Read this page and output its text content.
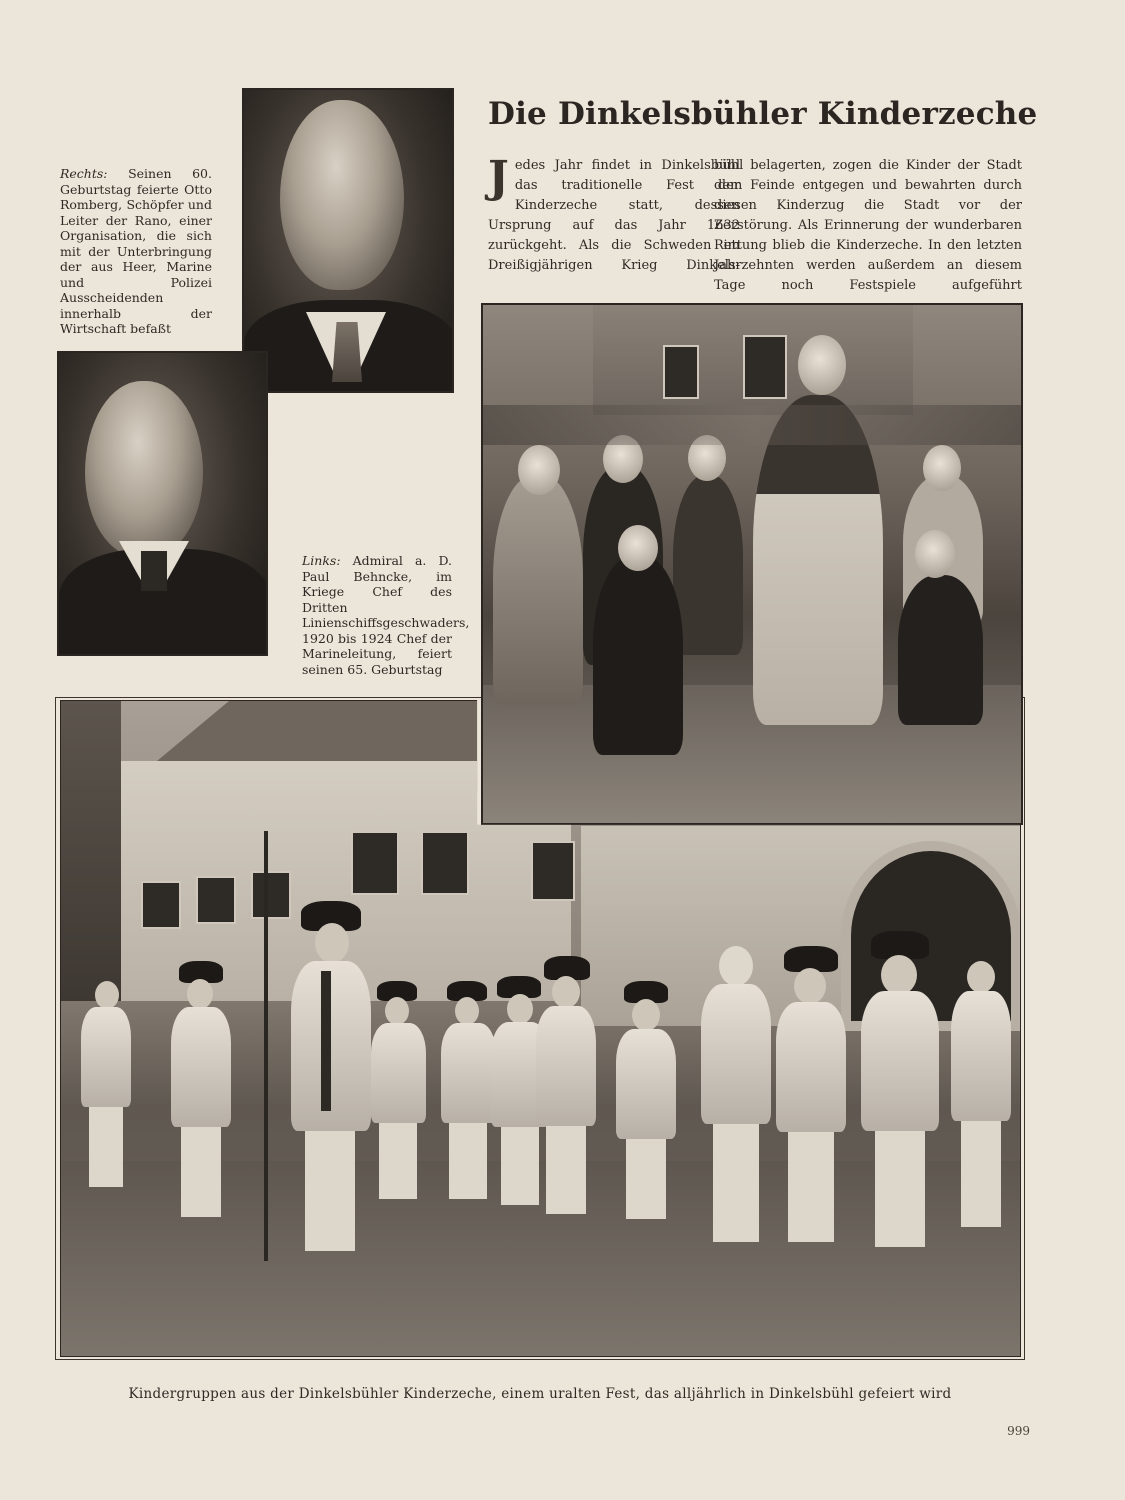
Rechts: Seinen 60. Geburtstag feierte Otto Romberg, Schöpfer und Leiter der Rano, einer Organisation, die sich mit der Unterbringung der aus Heer, Marine und Polizei Ausscheidenden innerhalb der Wirtschaft befaßt

Links: Admiral a. D. Paul Behncke, im Kriege Chef des Dritten Linienschiffsgeschwaders, 1920 bis 1924 Chef der Marineleitung, feiert seinen 65. Geburtstag

Die Dinkelsbühler Kinderzeche

Jedes Jahr findet in Dinkelsbühl das traditionelle Fest der Kinderzeche statt, dessen Ursprung auf das Jahr 1632 zurückgeht. Als die Schweden im Dreißigjährigen Krieg Dinkels-

bühl belagerten, zogen die Kinder der Stadt dem Feinde entgegen und bewahrten durch diesen Kinderzug die Stadt vor der Zerstörung. Als Erinnerung der wunderbaren Rettung blieb die Kinderzeche. In den letzten Jahrzehnten werden außerdem an diesem Tage noch Festspiele aufgeführt

Kindergruppen aus der Dinkelsbühler Kinderzeche, einem uralten Fest, das alljährlich in Dinkelsbühl gefeiert wird

999
